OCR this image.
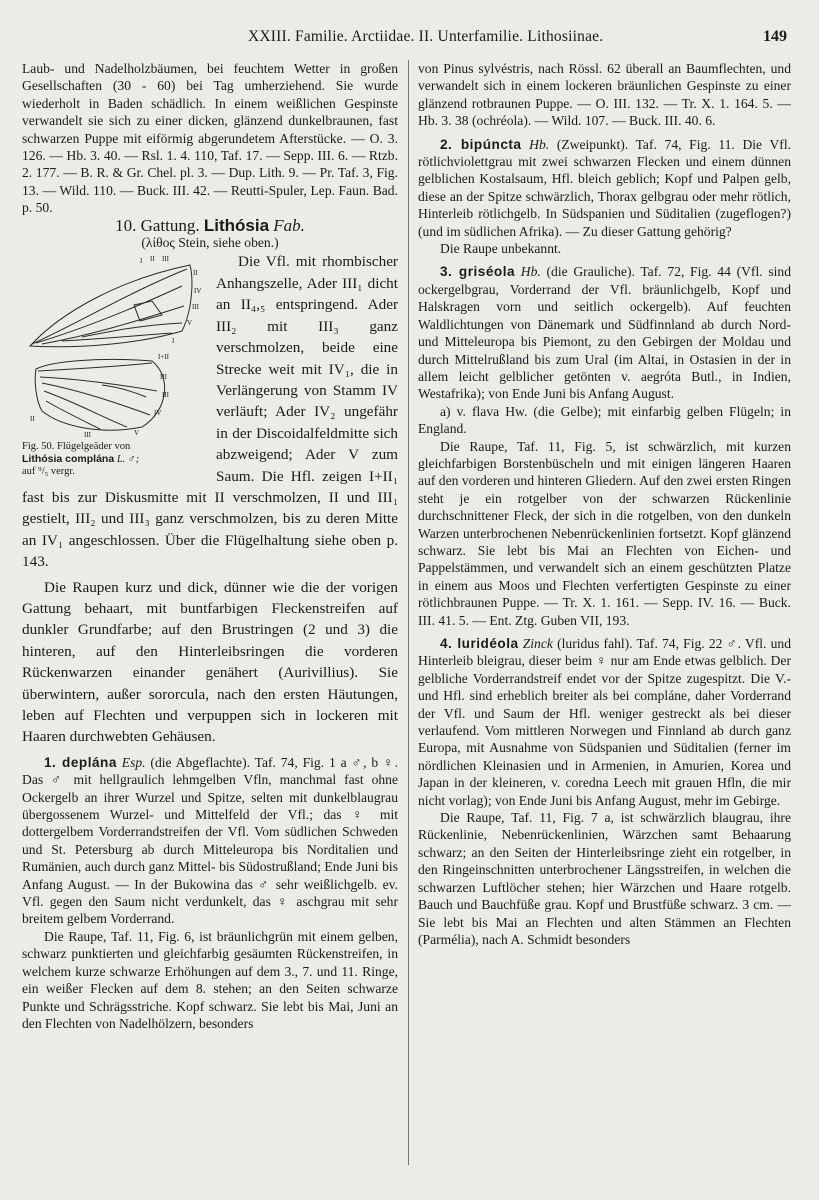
XXIII. Familie. Arctiidae. II. Unterfamilie. Lithosiinae.	149

Laub- und Nadelholzbäumen, bei feuchtem Wetter in großen Gesellschaften (30 - 60) bei Tag umherziehend. Sie wurde wiederholt in Baden schädlich. In einem weißlichen Gespinste verwandelt sie sich zu einer dicken, glänzend dunkelbraunen, fast schwarzen Puppe mit eiförmig abgerundetem Afterstücke. — O. 3. 126. — Hb. 3. 40. — Rsl. 1. 4. 110, Taf. 17. — Sepp. III. 6. — Rtzb. 2. 177. — B. R. & Gr. Chel. pl. 3. — Dup. Lith. 9. — Pr. Taf. 3, Fig. 13. — Wild. 110. — Buck. III. 42. — Reutti-Spuler, Lep. Faun. Bad. p. 50.

10. Gattung. Lithósia Fab.

(λίθος Stein, siehe oben.)

I II III
II
IV
III
V
I
I+II
III
III
IV
V
II
III
Fig. 50. Flügelgeäder von
Lithósia complána L. ♂;
auf ⁹/₅ vergr.

Die Vfl. mit rhombischer Anhangszelle, Ader III₁ dicht an II₄,₅ entspringend. Ader III₂ mit III₃ ganz verschmolzen, beide eine Strecke weit mit IV₁, die in Verlängerung von Stamm IV verläuft; Ader IV₂ ungefähr in der Discoidalfeldmitte sich abzweigend; Ader V zum Saum. Die Hfl. zeigen I+II₁ fast bis zur Diskusmitte mit II verschmolzen, II und III₁ gestielt, III₂ und III₃ ganz verschmolzen, bis zu deren Mitte an IV₁ angeschlossen. Über die Flügelhaltung siehe oben p. 143.

Die Raupen kurz und dick, dünner wie die der vorigen Gattung behaart, mit buntfarbigen Fleckenstreifen auf dunkler Grundfarbe; auf den Brustringen (2 und 3) die hinteren, auf den Hinterleibsringen die vorderen Rückenwarzen einander genähert (Aurivillius). Sie überwintern, außer sororcula, nach den ersten Häutungen, leben auf Flechten und verpuppen sich in lockeren mit Haaren durchwebten Gehäusen.

1. deplána Esp. (die Abgeflachte). Taf. 74, Fig. 1 a ♂, b ♀. Das ♂ mit hellgraulich lehmgelben Vfln, manchmal fast ohne Ockergelb an ihrer Wurzel und Spitze, selten mit dunkelblaugrau übergossenem Wurzel- und Mittelfeld der Vfl.; das ♀ mit dottergelbem Vorderrandstreifen der Vfl. Vom südlichen Schweden und St. Petersburg ab durch Mitteleuropa bis Norditalien und Rumänien, auch durch ganz Mittel- bis Südostrußland; Ende Juni bis Anfang August. — In der Bukowina das ♂ sehr weißlichgelb. ev. Vfl. gegen den Saum nicht verdunkelt, das ♀ aschgrau mit sehr breitem gelbem Vorderrand.

Die Raupe, Taf. 11, Fig. 6, ist bräunlichgrün mit einem gelben, schwarz punktierten und gleichfarbig gesäumten Rückenstreifen, in welchem kurze schwarze Erhöhungen auf dem 3., 7. und 11. Ringe, ein weißer Flecken auf dem 8. stehen; an den Seiten schwarze Punkte und Schrägsstriche. Kopf schwarz. Sie lebt bis Mai, Juni an den Flechten von Nadelhölzern, besonders

von Pinus sylvéstris, nach Rössl. 62 überall an Baumflechten, und verwandelt sich in einem lockeren bräunlichen Gespinste zu einer glänzend rotbraunen Puppe. — O. III. 132. — Tr. X. 1. 164. 5. — Hb. 3. 38 (ochréola). — Wild. 107. — Buck. III. 40. 6.

2. bipúncta Hb. (Zweipunkt). Taf. 74, Fig. 11. Die Vfl. rötlichviolettgrau mit zwei schwarzen Flecken und einem dünnen gelblichen Kostalsaum, Hfl. bleich geblich; Kopf und Palpen gelb, diese an der Spitze schwärzlich, Thorax gelbgrau oder mehr rötlich, Hinterleib rötlichgelb. In Südspanien und Süditalien (zugeflogen?) (und im südlichen Afrika). — Zu dieser Gattung gehörig?

Die Raupe unbekannt.

3. griséola Hb. (die Grauliche). Taf. 72, Fig. 44 (Vfl. sind ockergelbgrau, Vorderrand der Vfl. bräunlichgelb, Kopf und Halskragen vorn und seitlich ockergelb). Auf feuchten Waldlichtungen von Dänemark und Südfinnland ab durch Nord- und Mitteleuropa bis Piemont, zu den Gebirgen der Moldau und durch Mittelrußland bis zum Ural (im Altai, in Ostasien in der in allem leicht gelblicher getönten v. aegróta Butl., in Indien, Westafrika); von Ende Juni bis Anfang August.

a) v. flava Hw. (die Gelbe); mit einfarbig gelben Flügeln; in England.

Die Raupe, Taf. 11, Fig. 5, ist schwärzlich, mit kurzen gleichfarbigen Borstenbüscheln und mit einigen längeren Haaren auf den vorderen und hinteren Gliedern. Auf den zwei ersten Ringen steht je ein rotgelber von der schwarzen Rückenlinie durchschnittener Fleck, der sich in die rotgelben, von den dunkeln Warzen unterbrochenen Nebenrückenlinien fortsetzt. Kopf glänzend schwarz. Sie lebt bis Mai an Flechten von Eichen- und Pappelstämmen, und verwandelt sich an einem geschützten Platze in einem aus Moos und Flechten verfertigten Gespinste zu einer rötlichbraunen Puppe. — Tr. X. 1. 161. — Sepp. IV. 16. — Buck. III. 41. 5. — Ent. Ztg. Guben VII, 193.

4. luridéola Zinck (luridus fahl). Taf. 74, Fig. 22 ♂. Vfl. und Hinterleib bleigrau, dieser beim ♀ nur am Ende etwas gelblich. Der gelbliche Vorderrandstreif endet vor der Spitze zugespitzt. Die V.- und Hfl. sind erheblich breiter als bei compláne, daher Vorderrand der Vfl. und Saum der Hfl. weniger gestreckt als bei dieser verlaufend. Vom mittleren Norwegen und Finnland ab durch ganz Europa, mit Ausnahme von Südspanien und Süditalien (ferner im nördlichen Kleinasien und in Armenien, in Amurien, Korea und Japan in der kleineren, v. coredna Leech mit grauen Hfln, die mir nicht vorlag); von Ende Juni bis Anfang August, mehr im Gebirge.

Die Raupe, Taf. 11, Fig. 7 a, ist schwärzlich blaugrau, ihre Rückenlinie, Nebenrückenlinien, Wärzchen samt Behaarung schwarz; an den Seiten der Hinterleibsringe zieht ein rotgelber, in den Ringeinschnitten unterbrochener Längsstreifen, in welchen die schwarzen Luftlöcher stehen; hier Wärzchen und Haare rotgelb. Bauch und Bauchfüße grau. Kopf und Brustfüße schwarz. 3 cm. — Sie lebt bis Mai an Flechten und alten Stämmen an Flechten (Parmélia), nach A. Schmidt besonders
